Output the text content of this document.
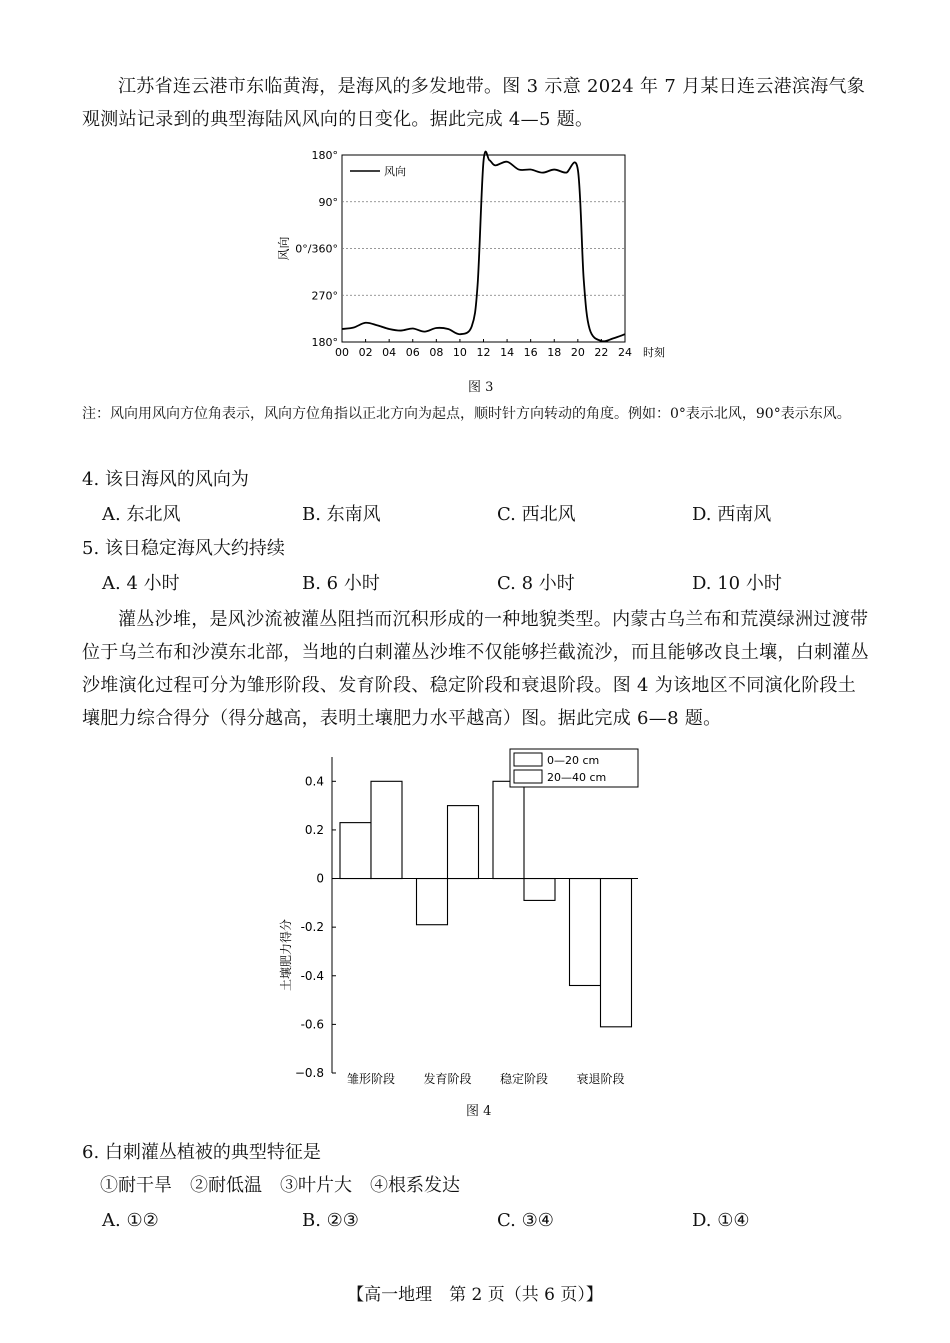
江苏省连云港市东临黄海，是海风的多发地带。图 3 示意 2024 年 7 月某日连云港滨海气象观测站记录到的典型海陆风风向的日变化。据此完成 4—5 题。
180°
90°
0°/360°
270°
180°
00 02 04 06 08 10 12 14 16 18 20 22 24 时刻
风向
风向
图 3
注：风向用风向方位角表示，风向方位角指以正北方向为起点，顺时针方向转动的角度。例如：0°表示北风，90°表示东风。
4. 该日海风的风向为
A. 东北风	B. 东南风	C. 西北风	D. 西南风
5. 该日稳定海风大约持续
A. 4 小时	B. 6 小时	C. 8 小时	D. 10 小时
灌丛沙堆，是风沙流被灌丛阻挡而沉积形成的一种地貌类型。内蒙古乌兰布和荒漠绿洲过渡带位于乌兰布和沙漠东北部，当地的白刺灌丛沙堆不仅能够拦截流沙，而且能够改良土壤，白刺灌丛沙堆演化过程可分为雏形阶段、发育阶段、稳定阶段和衰退阶段。图 4 为该地区不同演化阶段土壤肥力综合得分（得分越高，表明土壤肥力水平越高）图。据此完成 6—8 题。
0.4
0.2
0
-0.2
-0.4
-0.6
−0.8
土壤肥力得分
雏形阶段 发育阶段 稳定阶段 衰退阶段
0—20 cm
20—40 cm
图 4
6. 白刺灌丛植被的典型特征是
①耐干旱　②耐低温　③叶片大　④根系发达
A. ①②	B. ②③	C. ③④	D. ①④
【高一地理　第 2 页（共 6 页）】
